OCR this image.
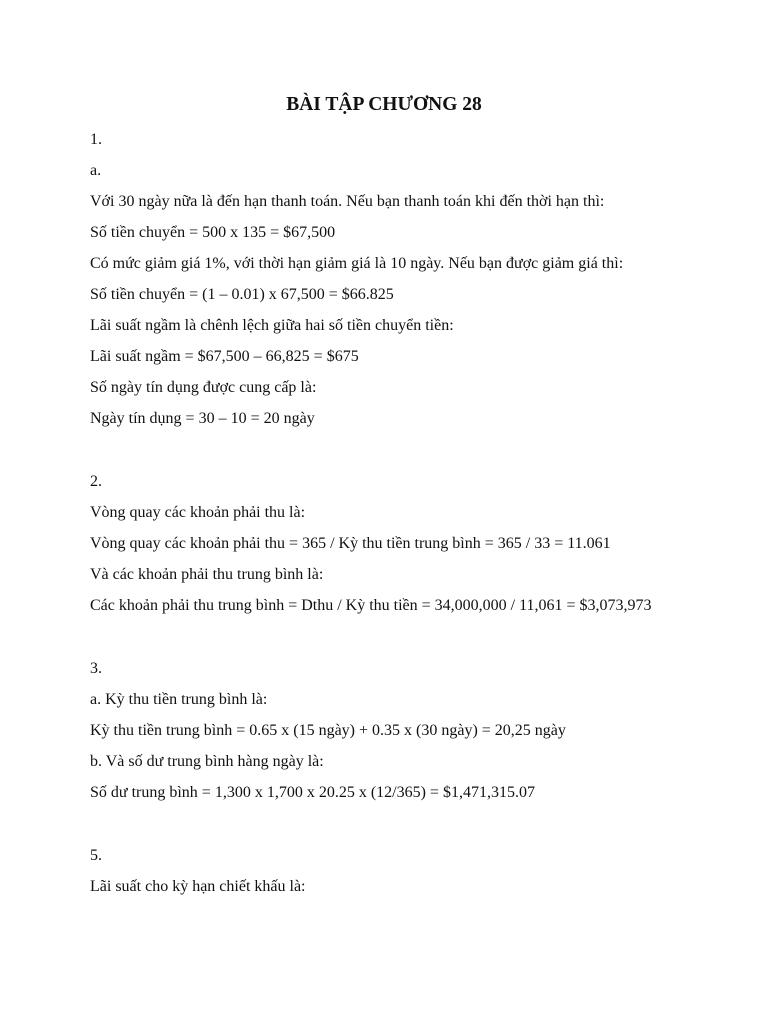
BÀI TẬP CHƯƠNG 28
1.
a.
Với 30 ngày nữa là đến hạn thanh toán. Nếu bạn thanh toán khi đến thời hạn thì:
Số tiền chuyển = 500 x 135 = $67,500
Có mức giảm giá 1%, với thời hạn giảm giá là 10 ngày. Nếu bạn được giảm giá thì:
Số tiền chuyển = (1 – 0.01) x 67,500 = $66.825
Lãi suất ngầm là chênh lệch giữa hai số tiền chuyển tiền:
Lãi suất ngầm = $67,500 – 66,825 = $675
Số ngày tín dụng được cung cấp là:
Ngày tín dụng = 30 – 10 = 20 ngày
2.
Vòng quay các khoản phải thu là:
Vòng quay các khoản phải thu = 365 / Kỳ thu tiền trung bình = 365 / 33 = 11.061
Và các khoản phải thu trung bình là:
Các khoản phải thu trung bình = Dthu / Kỳ thu tiền = 34,000,000 / 11,061 = $3,073,973
3.
a. Kỳ thu tiền trung bình là:
Kỳ thu tiền trung bình = 0.65 x (15 ngày) + 0.35 x (30 ngày) = 20,25 ngày
b. Và số dư trung bình hàng ngày là:
Số dư trung bình = 1,300 x 1,700 x 20.25 x (12/365) = $1,471,315.07
5.
Lãi suất cho kỳ hạn chiết khấu là:
